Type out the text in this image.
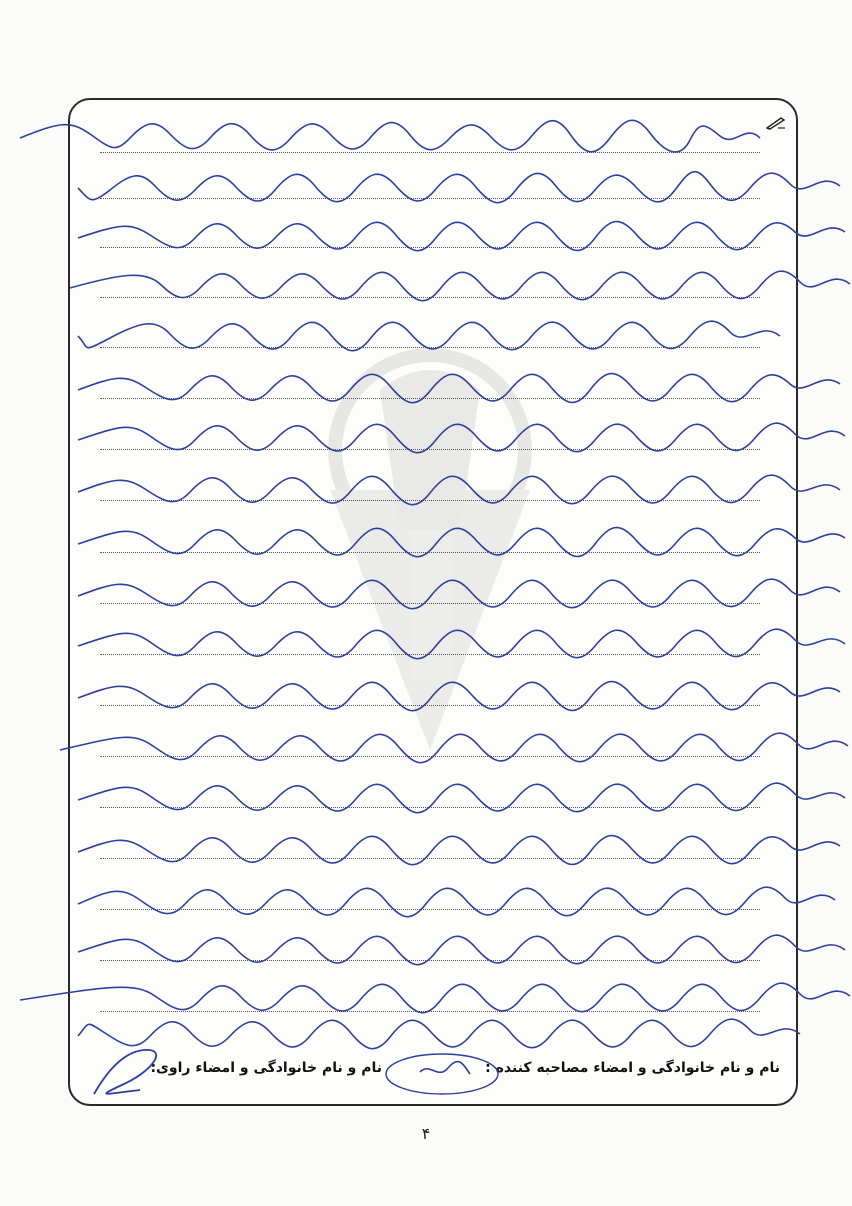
نام و نام خانوادگی و امضاء مصاحبه کننده :
نام و نام خانوادگی و امضاء راوی:
۴
